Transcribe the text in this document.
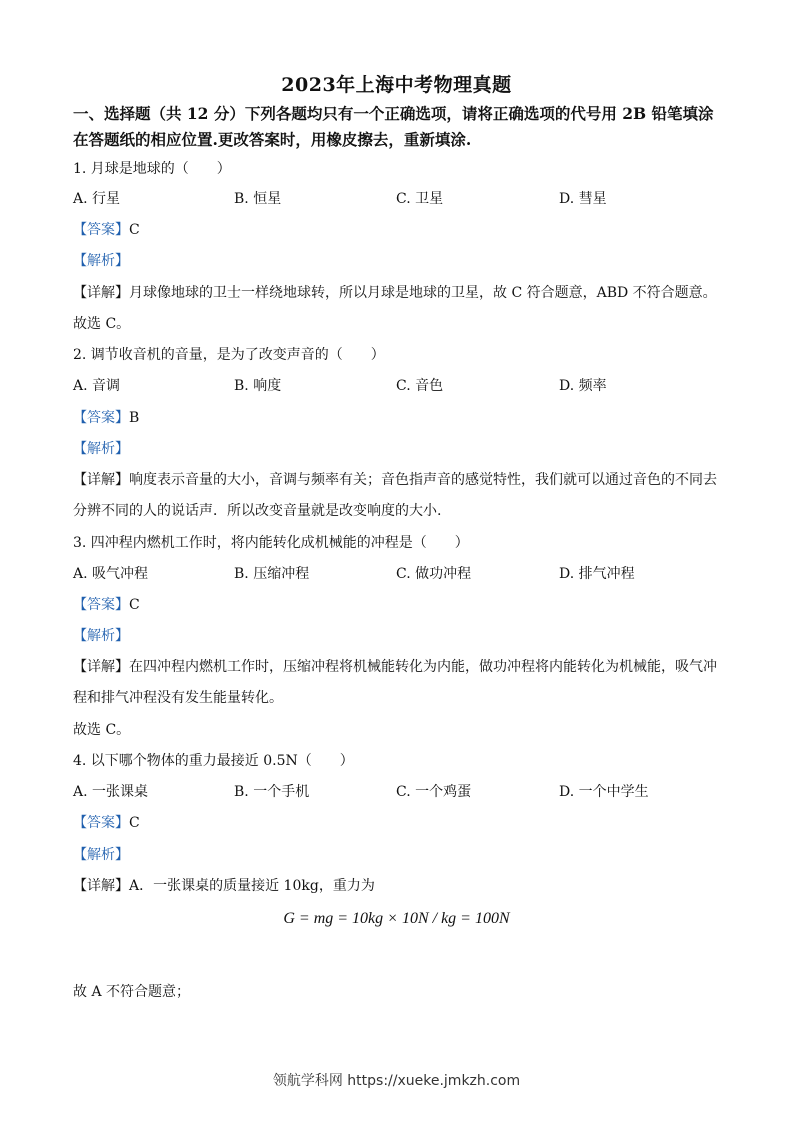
2023年上海中考物理真题
一、选择题（共 12 分）下列各题均只有一个正确选项，请将正确选项的代号用 2B 铅笔填涂
在答题纸的相应位置.更改答案时，用橡皮擦去，重新填涂.
1. 月球是地球的（　　）
A. 行星	B. 恒星	C. 卫星	D. 彗星
【答案】C
【解析】
【详解】月球像地球的卫士一样绕地球转，所以月球是地球的卫星，故 C 符合题意，ABD 不符合题意。
故选 C。
2. 调节收音机的音量，是为了改变声音的（　　）
A. 音调	B. 响度	C. 音色	D. 频率
【答案】B
【解析】
【详解】响度表示音量的大小，音调与频率有关；音色指声音的感觉特性，我们就可以通过音色的不同去
分辨不同的人的说话声．所以改变音量就是改变响度的大小.
3. 四冲程内燃机工作时，将内能转化成机械能的冲程是（　　）
A. 吸气冲程	B. 压缩冲程	C. 做功冲程	D. 排气冲程
【答案】C
【解析】
【详解】在四冲程内燃机工作时，压缩冲程将机械能转化为内能，做功冲程将内能转化为机械能，吸气冲
程和排气冲程没有发生能量转化。
故选 C。
4. 以下哪个物体的重力最接近 0.5N（　　）
A. 一张课桌	B. 一个手机	C. 一个鸡蛋	D. 一个中学生
【答案】C
【解析】
【详解】A．一张课桌的质量接近 10kg，重力为
G = mg = 10kg × 10N / kg = 100N
故 A 不符合题意；
领航学科网 https://xueke.jmkzh.com
